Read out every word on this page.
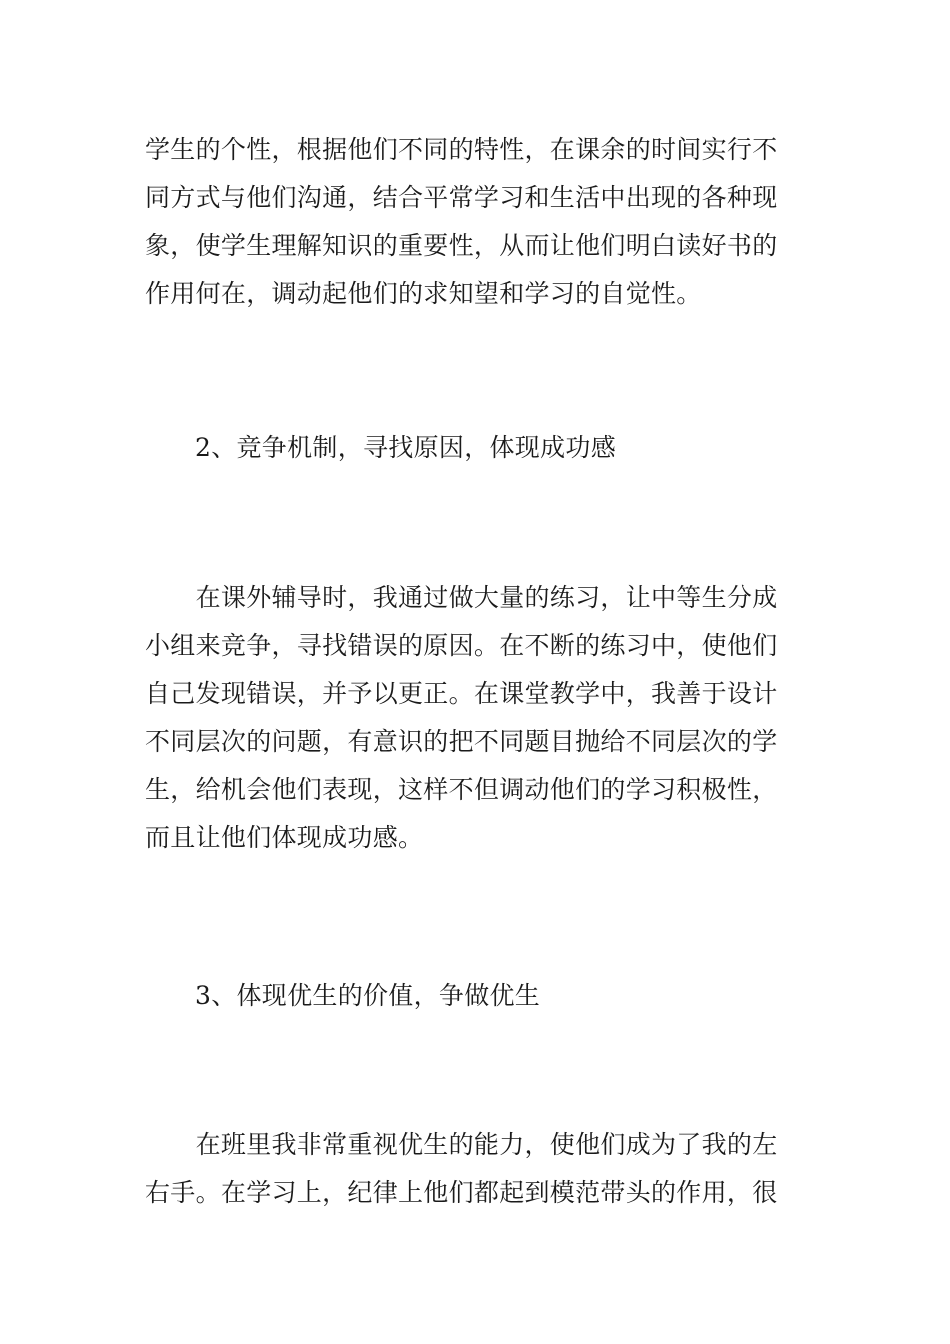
学生的个性，根据他们不同的特性，在课余的时间实行不
同方式与他们沟通，结合平常学习和生活中出现的各种现
象，使学生理解知识的重要性，从而让他们明白读好书的
作用何在，调动起他们的求知望和学习的自觉性。
2、竞争机制，寻找原因，体现成功感
　　在课外辅导时，我通过做大量的练习，让中等生分成
小组来竞争，寻找错误的原因。在不断的练习中，使他们
自己发现错误，并予以更正。在课堂教学中，我善于设计
不同层次的问题，有意识的把不同题目抛给不同层次的学
生，给机会他们表现，这样不但调动他们的学习积极性，
而且让他们体现成功感。
3、体现优生的价值，争做优生
　　在班里我非常重视优生的能力，使他们成为了我的左
右手。在学习上，纪律上他们都起到模范带头的作用，很
